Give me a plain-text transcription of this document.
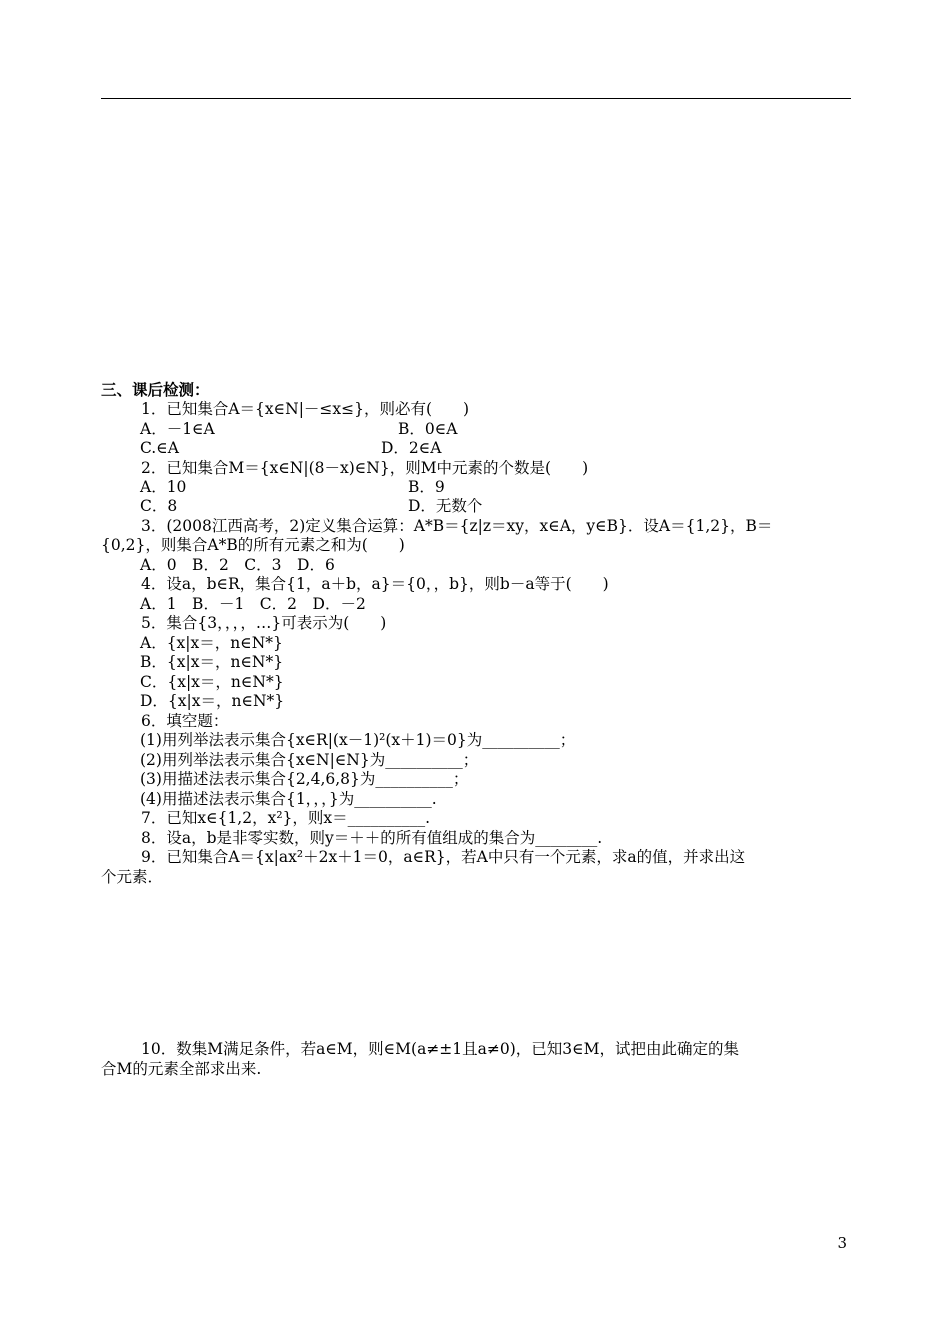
三、课后检测：
1．已知集合A＝{x∈N|－≤x≤}，则必有(　　)
A．－1∈A	B．0∈A
C.∈A	D．2∈A
2．已知集合M＝{x∈N|(8－x)∈N}，则M中元素的个数是(　　)
A．10	B．9
C．8	D．无数个
3．(2008江西高考，2)定义集合运算：A*B＝{z|z＝xy，x∈A，y∈B}．设A＝{1,2}，B＝
{0,2}，则集合A*B的所有元素之和为(　　)
A．0　B．2　C．3　D．6
4．设a，b∈R，集合{1，a＋b，a}＝{0，，b}，则b－a等于(　　)
A．1　B．－1　C．2　D．－2
5．集合{3，，，，…}可表示为(　　)
A．{x|x＝，n∈N*}
B．{x|x＝，n∈N*}
C．{x|x＝，n∈N*}
D．{x|x＝，n∈N*}
6．填空题：
(1)用列举法表示集合{x∈R|(x－1)²(x＋1)＝0}为__________；
(2)用列举法表示集合{x∈N|∈N}为__________；
(3)用描述法表示集合{2,4,6,8}为__________；
(4)用描述法表示集合{1，，，}为__________.
7．已知x∈{1,2，x²}，则x＝__________.
8．设a，b是非零实数，则y＝＋＋的所有值组成的集合为________.
9．已知集合A＝{x|ax²＋2x＋1＝0，a∈R}，若A中只有一个元素，求a的值，并求出这
个元素．
10．数集M满足条件，若a∈M，则∈M(a≠±1且a≠0)，已知3∈M，试把由此确定的集
合M的元素全部求出来.
3
